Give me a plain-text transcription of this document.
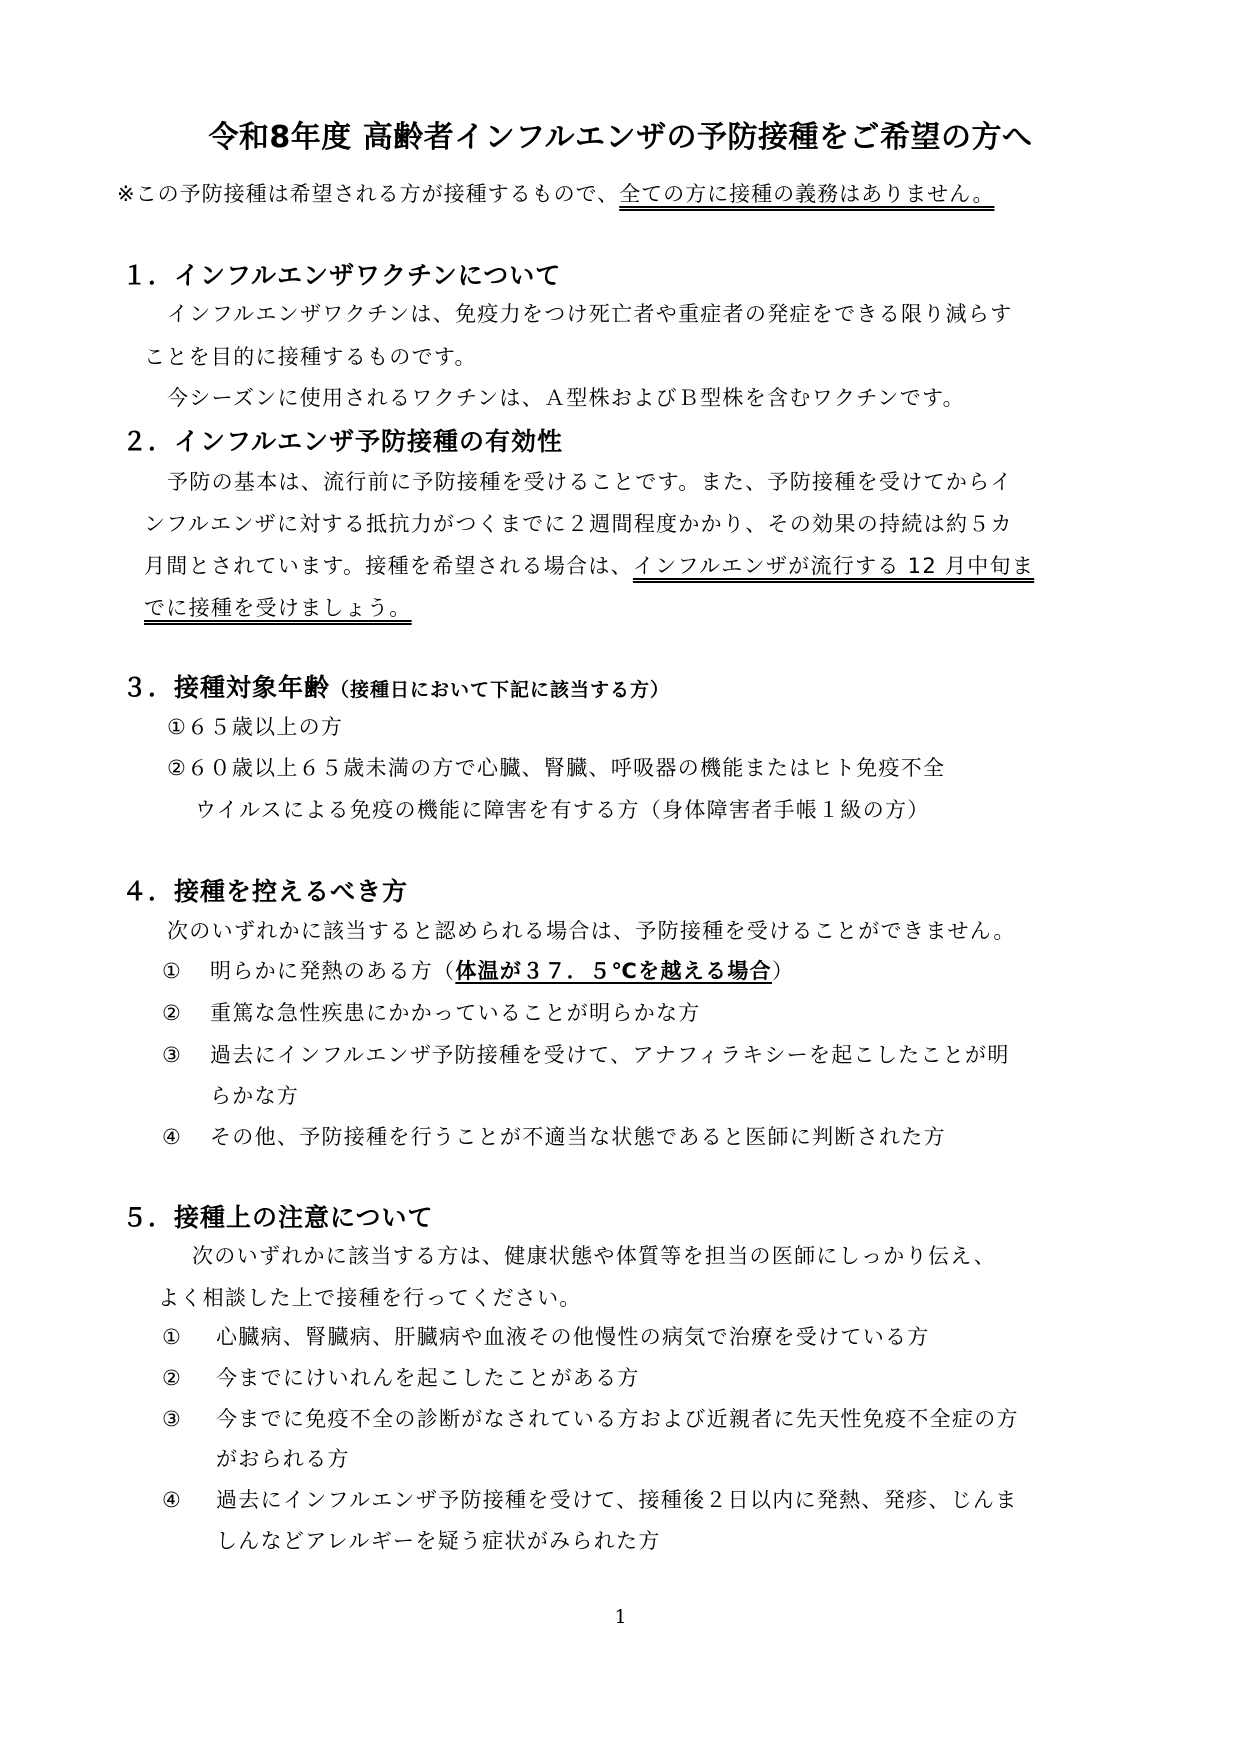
令和8年度 高齢者インフルエンザの予防接種をご希望の方へ
※この予防接種は希望される方が接種するもので、全ての方に接種の義務はありません。
１．インフルエンザワクチンについて
インフルエンザワクチンは、免疫力をつけ死亡者や重症者の発症をできる限り減らす
ことを目的に接種するものです。
今シーズンに使用されるワクチンは、Ａ型株およびＢ型株を含むワクチンです。
２．インフルエンザ予防接種の有効性
予防の基本は、流行前に予防接種を受けることです。また、予防接種を受けてからイ
ンフルエンザに対する抵抗力がつくまでに２週間程度かかり、その効果の持続は約５カ
月間とされています。接種を希望される場合は、インフルエンザが流行する 12 月中旬ま
でに接種を受けましょう。
３．接種対象年齢（接種日において下記に該当する方）
①６５歳以上の方
②６０歳以上６５歳未満の方で心臓、腎臓、呼吸器の機能またはヒト免疫不全
ウイルスによる免疫の機能に障害を有する方（身体障害者手帳１級の方）
４．接種を控えるべき方
次のいずれかに該当すると認められる場合は、予防接種を受けることができません。
① 明らかに発熱のある方（体温が３７．５℃を越える場合）
② 重篤な急性疾患にかかっていることが明らかな方
③ 過去にインフルエンザ予防接種を受けて、アナフィラキシーを起こしたことが明
らかな方
④ その他、予防接種を行うことが不適当な状態であると医師に判断された方
５．接種上の注意について
次のいずれかに該当する方は、健康状態や体質等を担当の医師にしっかり伝え、
よく相談した上で接種を行ってください。
① 心臓病、腎臓病、肝臓病や血液その他慢性の病気で治療を受けている方
② 今までにけいれんを起こしたことがある方
③ 今までに免疫不全の診断がなされている方および近親者に先天性免疫不全症の方
がおられる方
④ 過去にインフルエンザ予防接種を受けて、接種後２日以内に発熱、発疹、じんま
しんなどアレルギーを疑う症状がみられた方
1
